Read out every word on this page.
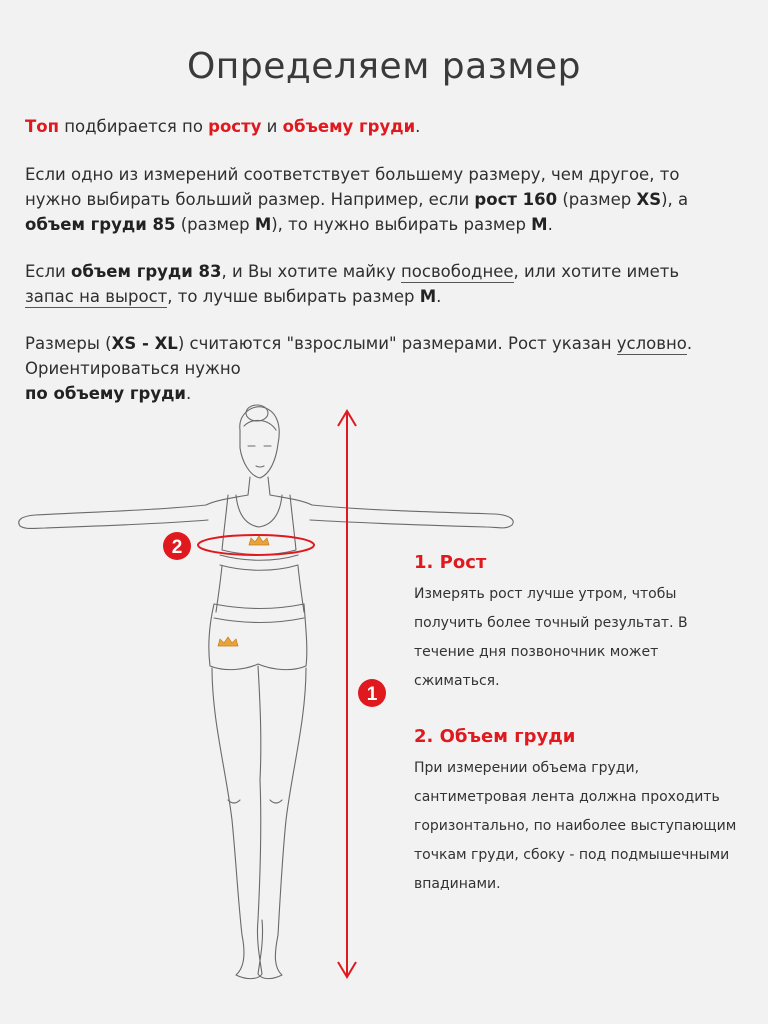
Определяем размер
Топ подбирается по росту и объему груди.
Если одно из измерений соответствует большему размеру, чем другое, то нужно выбирать больший размер. Например, если рост 160 (размер XS), а
объем груди 85 (размер M), то нужно выбирать размер M.
Если объем груди 83, и Вы хотите майку посвободнее, или хотите иметь
запас на вырост, то лучше выбирать размер M.
Размеры (XS - XL) считаются "взрослыми" размерами. Рост указан условно. Ориентироваться нужно
по объему груди.
1
2
1. Рост
Измерять рост лучше утром, чтобы получить более точный результат. В течение дня позвоночник может сжиматься.
2. Объем груди
При измерении объема груди, сантиметровая лента должна проходить горизонтально, по наиболее выступающим точкам груди, сбоку - под подмышечными впадинами.
